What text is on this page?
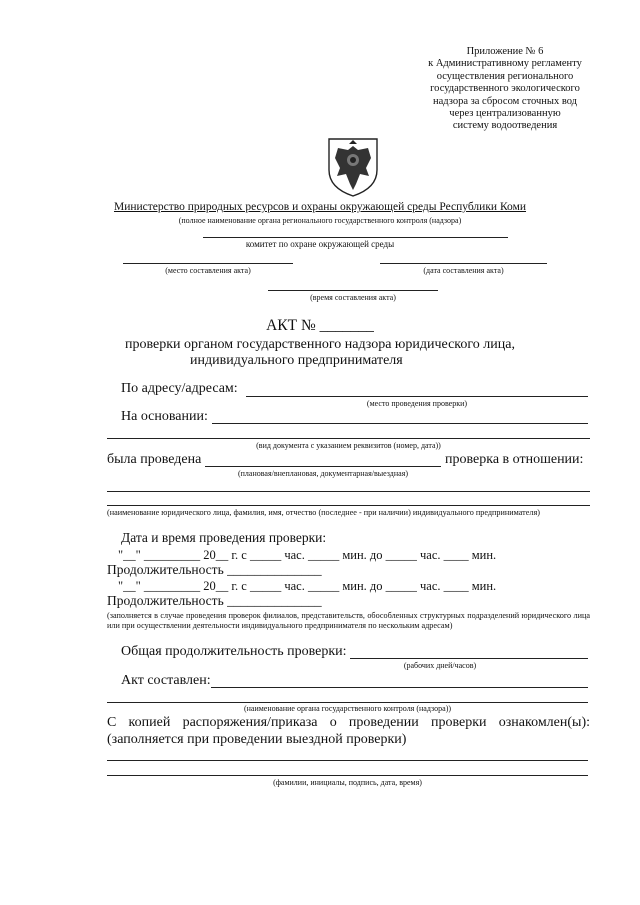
Приложение № 6
к Административному регламенту
осуществления регионального
государственного экологического
надзора за сбросом сточных вод
через централизованную
систему водоотведения
Министерство природных ресурсов и охраны окружающей среды Республики Коми
(полное наименование органа регионального государственного контроля (надзора)
комитет по охране окружающей среды
(место составления акта)	(дата составления акта)
(время составления акта)
АКТ № _______
проверки органом государственного надзора юридического лица,
индивидуального предпринимателя
По адресу/адресам:
(место проведения проверки)
На основании:
(вид документа с указанием реквизитов (номер, дата))
была проведена	проверка в отношении:
(плановая/внеплановая, документарная/выездная)
(наименование юридического лица, фамилия, имя, отчество (последнее - при наличии) индивидуального предпринимателя)
Дата и время проведения проверки:
"__" _________ 20__ г. с _____ час. _____ мин. до _____ час. ____ мин.
Продолжительность ______________
"__" _________ 20__ г. с _____ час. _____ мин. до _____ час. ____ мин.
Продолжительность ______________
(заполняется в случае проведения проверок филиалов, представительств, обособленных структурных подразделений юридического лица или при осуществлении деятельности индивидуального предпринимателя по нескольким адресам)
Общая продолжительность проверки:
(рабочих дней/часов)
Акт составлен:
(наименование органа государственного контроля (надзора))
С копией распоряжения/приказа о проведении проверки ознакомлен(ы):
(заполняется при проведении выездной проверки)
(фамилии, инициалы, подпись, дата, время)
